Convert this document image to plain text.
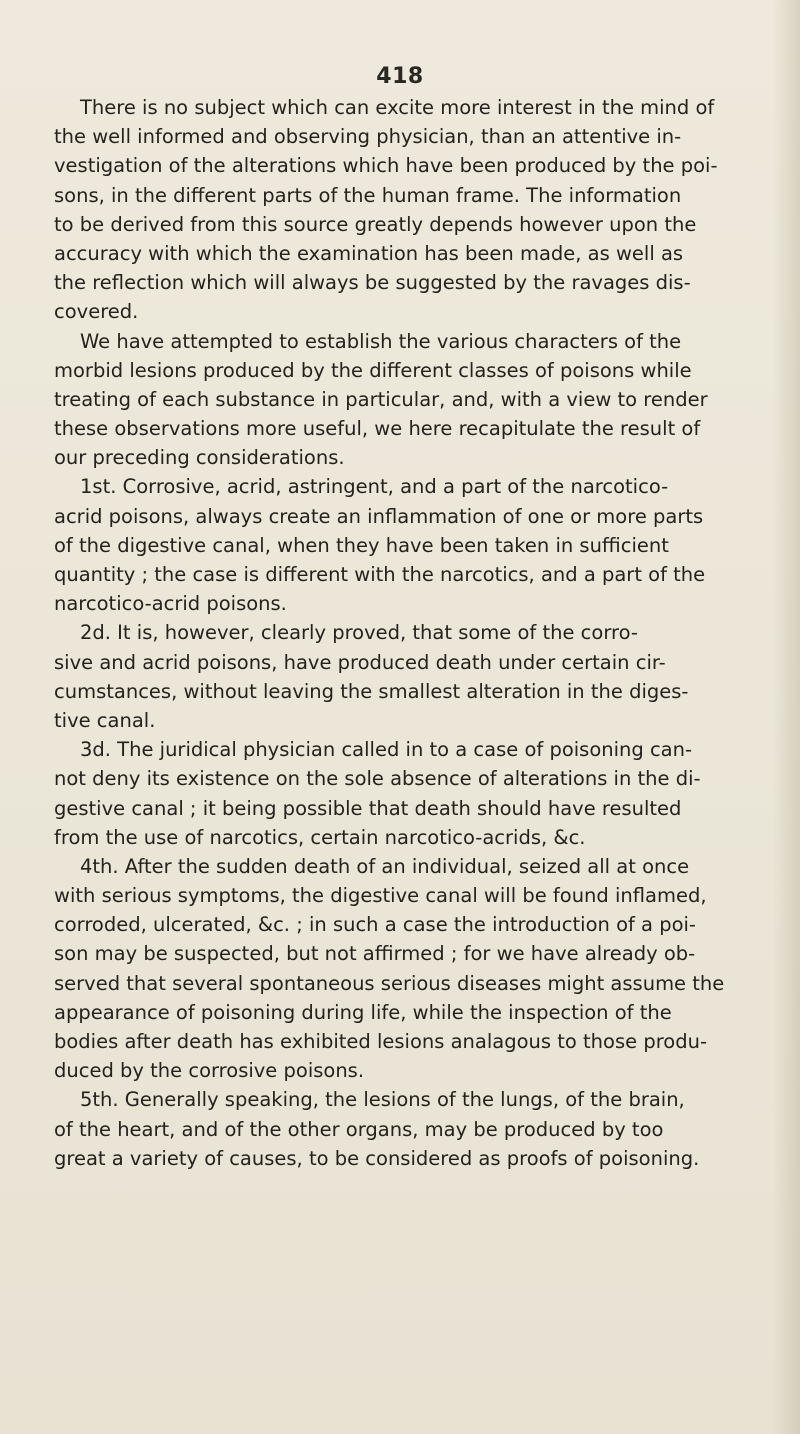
418
There is no subject which can excite more interest in the mind of
the well informed and observing physician, than an attentive in-
vestigation of the alterations which have been produced by the poi-
sons, in the different parts of the human frame. The information
to be derived from this source greatly depends however upon the
accuracy with which the examination has been made, as well as
the reflection which will always be suggested by the ravages dis-
covered.
We have attempted to establish the various characters of the
morbid lesions produced by the different classes of poisons while
treating of each substance in particular, and, with a view to render
these observations more useful, we here recapitulate the result of
our preceding considerations.
1st. Corrosive, acrid, astringent, and a part of the narcotico-
acrid poisons, always create an inflammation of one or more parts
of the digestive canal, when they have been taken in sufficient
quantity ; the case is different with the narcotics, and a part of the
narcotico-acrid poisons.
2d. It is, however, clearly proved, that some of the corro-
sive and acrid poisons, have produced death under certain cir-
cumstances, without leaving the smallest alteration in the diges-
tive canal.
3d. The juridical physician called in to a case of poisoning can-
not deny its existence on the sole absence of alterations in the di-
gestive canal ; it being possible that death should have resulted
from the use of narcotics, certain narcotico-acrids, &c.
4th. After the sudden death of an individual, seized all at once
with serious symptoms, the digestive canal will be found inflamed,
corroded, ulcerated, &c. ; in such a case the introduction of a poi-
son may be suspected, but not affirmed ; for we have already ob-
served that several spontaneous serious diseases might assume the
appearance of poisoning during life, while the inspection of the
bodies after death has exhibited lesions analagous to those produ-
duced by the corrosive poisons.
5th. Generally speaking, the lesions of the lungs, of the brain,
of the heart, and of the other organs, may be produced by too
great a variety of causes, to be considered as proofs of poisoning.
